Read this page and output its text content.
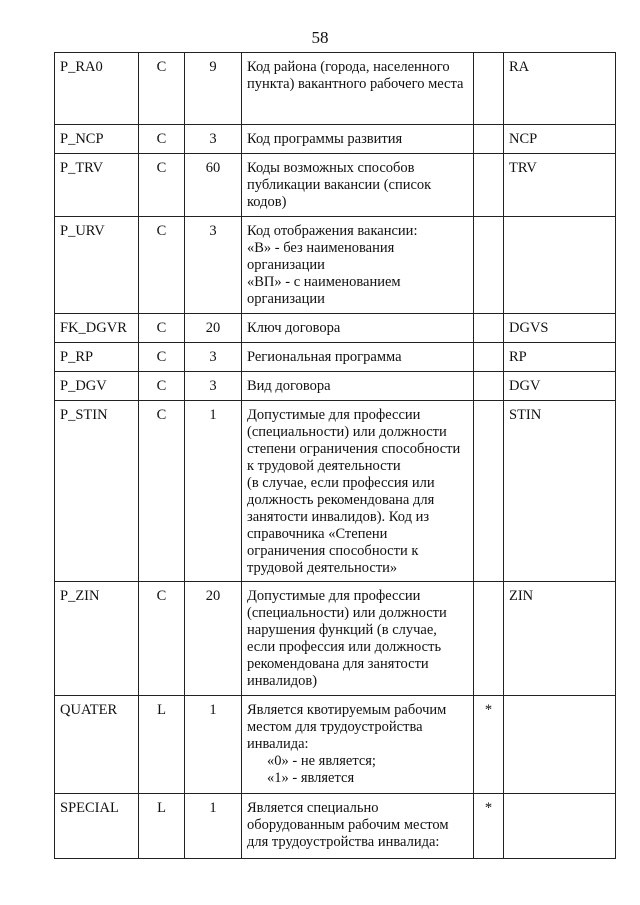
58
P_RA0	C	9	Код района (города, населенного пункта) вакантного рабочего места		RA
P_NCP	C	3	Код программы развития		NCP
P_TRV	C	60	Коды возможных способов публикации вакансии (список кодов)		TRV
P_URV	C	3	Код отображения вакансии:
«В» - без наименования организации
«ВП» - с наименованием организации		

FK_DGVR	C	20	Ключ договора		DGVS
P_RP	C	3	Региональная программа		RP
P_DGV	C	3	Вид договора		DGV
P_STIN	C	1	Допустимые для профессии (специальности) или должности степени ограничения способности к трудовой деятельности
(в случае, если профессия или должность рекомендована для занятости инвалидов). Код из справочника «Степени ограничения способности к трудовой деятельности»		STIN
P_ZIN	C	20	Допустимые для профессии (специальности) или должности нарушения функций (в случае, если профессия или должность рекомендована для занятости инвалидов)		ZIN
QUATER	L	1	Является квотируемым рабочим местом для трудоустройства инвалида:
«0» - не является;
«1» - является	*	
SPECIAL	L	1	Является специально оборудованным рабочим местом для трудоустройства инвалида:	*	
